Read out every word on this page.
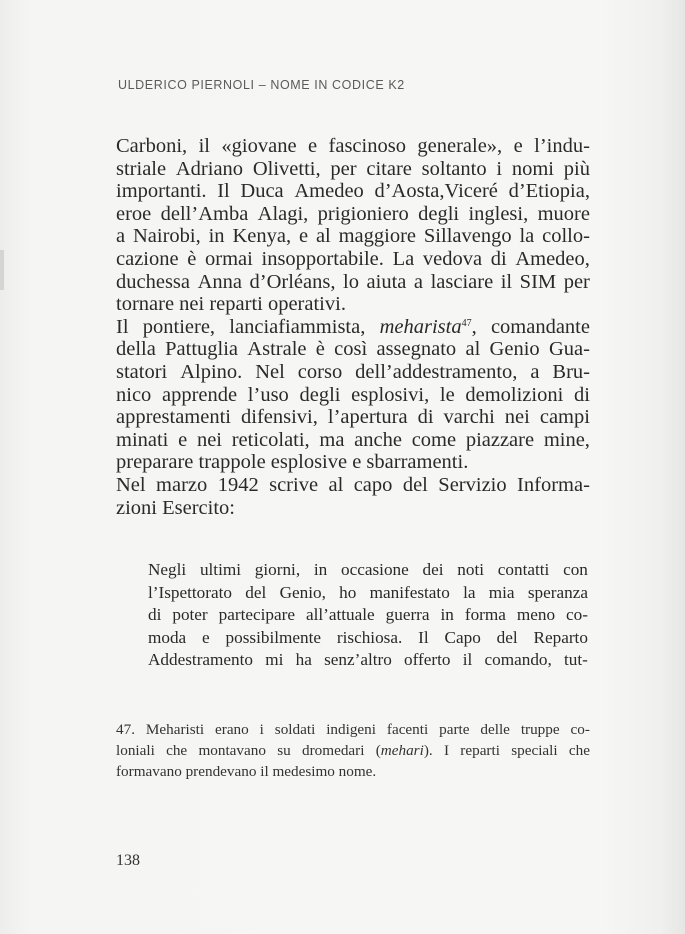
ULDERICO PIERNOLI – NOME IN CODICE K2
Carboni, il «giovane e fascinoso generale», e l’indu-
striale Adriano Olivetti, per citare soltanto i nomi più
importanti. Il Duca Amedeo d’Aosta,Viceré d’Etiopia,
eroe dell’Amba Alagi, prigioniero degli inglesi, muore
a Nairobi, in Kenya, e al maggiore Sillavengo la collo-
cazione è ormai insopportabile. La vedova di Amedeo,
duchessa Anna d’Orléans, lo aiuta a lasciare il SIM per
tornare nei reparti operativi.
Il pontiere, lanciafiammista, meharista$^{47}$, comandante
della Pattuglia Astrale è così assegnato al Genio Gua-
statori Alpino. Nel corso dell’addestramento, a Bru-
nico apprende l’uso degli esplosivi, le demolizioni di
apprestamenti difensivi, l’apertura di varchi nei campi
minati e nei reticolati, ma anche come piazzare mine,
preparare trappole esplosive e sbarramenti.
Nel marzo 1942 scrive al capo del Servizio Informa-
zioni Esercito:
Negli ultimi giorni, in occasione dei noti contatti con
l’Ispettorato del Genio, ho manifestato la mia speranza
di poter partecipare all’attuale guerra in forma meno co-
moda e possibilmente rischiosa. Il Capo del Reparto
Addestramento mi ha senz’altro offerto il comando, tut-
47. Meharisti erano i soldati indigeni facenti parte delle truppe co-
loniali che montavano su dromedari (mehari). I reparti speciali che
formavano prendevano il medesimo nome.
138
